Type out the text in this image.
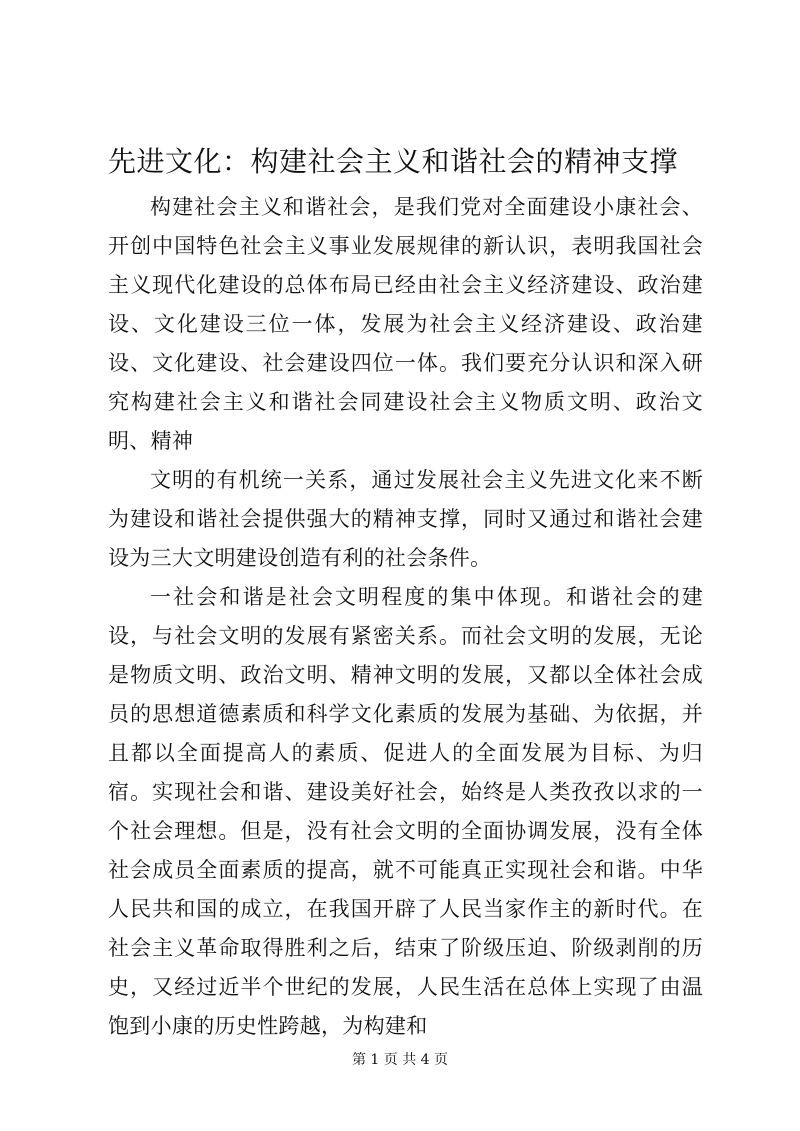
先进文化：构建社会主义和谐社会的精神支撑

构建社会主义和谐社会，是我们党对全面建设小康社会、开创中国特色社会主义事业发展规律的新认识，表明我国社会主义现代化建设的总体布局已经由社会主义经济建设、政治建设、文化建设三位一体，发展为社会主义经济建设、政治建设、文化建设、社会建设四位一体。我们要充分认识和深入研究构建社会主义和谐社会同建设社会主义物质文明、政治文明、精神

文明的有机统一关系，通过发展社会主义先进文化来不断为建设和谐社会提供强大的精神支撑，同时又通过和谐社会建设为三大文明建设创造有利的社会条件。

一社会和谐是社会文明程度的集中体现。和谐社会的建设，与社会文明的发展有紧密关系。而社会文明的发展，无论是物质文明、政治文明、精神文明的发展，又都以全体社会成员的思想道德素质和科学文化素质的发展为基础、为依据，并且都以全面提高人的素质、促进人的全面发展为目标、为归宿。实现社会和谐、建设美好社会，始终是人类孜孜以求的一个社会理想。但是，没有社会文明的全面协调发展，没有全体社会成员全面素质的提高，就不可能真正实现社会和谐。中华人民共和国的成立，在我国开辟了人民当家作主的新时代。在社会主义革命取得胜利之后，结束了阶级压迫、阶级剥削的历史，又经过近半个世纪的发展，人民生活在总体上实现了由温饱到小康的历史性跨越，为构建和

第 1 页 共 4 页
